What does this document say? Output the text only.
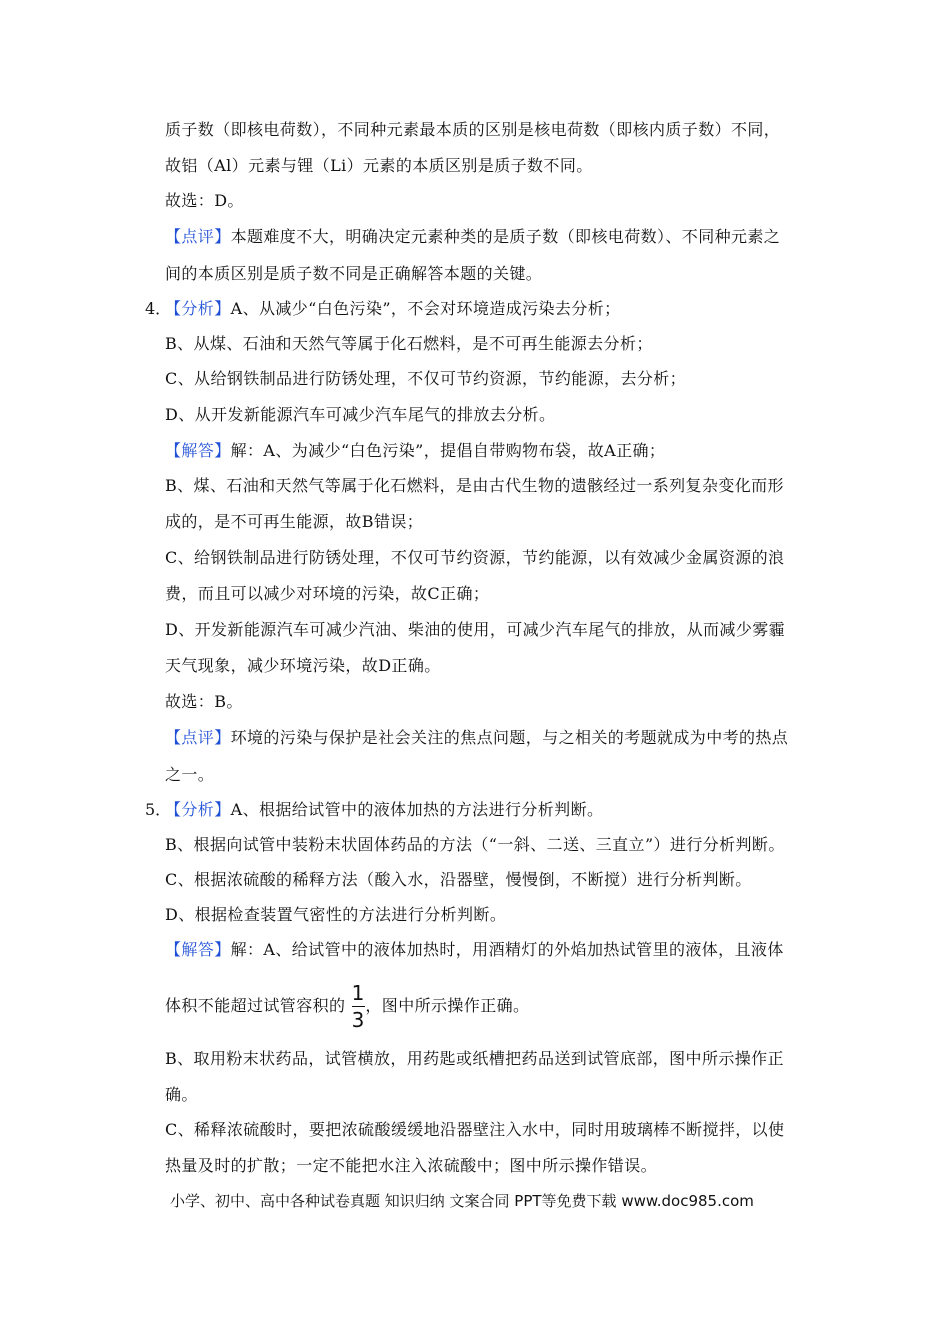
质子数（即核电荷数），不同种元素最本质的区别是核电荷数（即核内质子数）不同，
故铝（Al）元素与锂（Li）元素的本质区别是质子数不同。
故选：D。
【点评】本题难度不大，明确决定元素种类的是质子数（即核电荷数）、不同种元素之
间的本质区别是质子数不同是正确解答本题的关键。
4．
【分析】A、从减少“白色污染”，不会对环境造成污染去分析；
B、从煤、石油和天然气等属于化石燃料，是不可再生能源去分析；
C、从给钢铁制品进行防锈处理，不仅可节约资源，节约能源，去分析；
D、从开发新能源汽车可减少汽车尾气的排放去分析。
【解答】解：A、为减少“白色污染”，提倡自带购物布袋，故A正确；
B、煤、石油和天然气等属于化石燃料，是由古代生物的遗骸经过一系列复杂变化而形
成的，是不可再生能源，故B错误；
C、给钢铁制品进行防锈处理，不仅可节约资源，节约能源，以有效减少金属资源的浪
费，而且可以减少对环境的污染，故C正确；
D、开发新能源汽车可减少汽油、柴油的使用，可减少汽车尾气的排放，从而减少雾霾
天气现象，减少环境污染，故D正确。
故选：B。
【点评】环境的污染与保护是社会关注的焦点问题，与之相关的考题就成为中考的热点
之一。
5．
【分析】A、根据给试管中的液体加热的方法进行分析判断。
B、根据向试管中装粉末状固体药品的方法（“一斜、二送、三直立”）进行分析判断。
C、根据浓硫酸的稀释方法（酸入水，沿器壁，慢慢倒，不断搅）进行分析判断。
D、根据检查装置气密性的方法进行分析判断。
【解答】解：A、给试管中的液体加热时，用酒精灯的外焰加热试管里的液体，且液体
体积不能超过试管容积的 ，图中所示操作正确。
1
3
B、取用粉末状药品，试管横放，用药匙或纸槽把药品送到试管底部，图中所示操作正
确。
C、稀释浓硫酸时，要把浓硫酸缓缓地沿器壁注入水中，同时用玻璃棒不断搅拌，以使
热量及时的扩散；一定不能把水注入浓硫酸中；图中所示操作错误。
小学、初中、高中各种试卷真题 知识归纳 文案合同 PPT等免费下载 www.doc985.com
